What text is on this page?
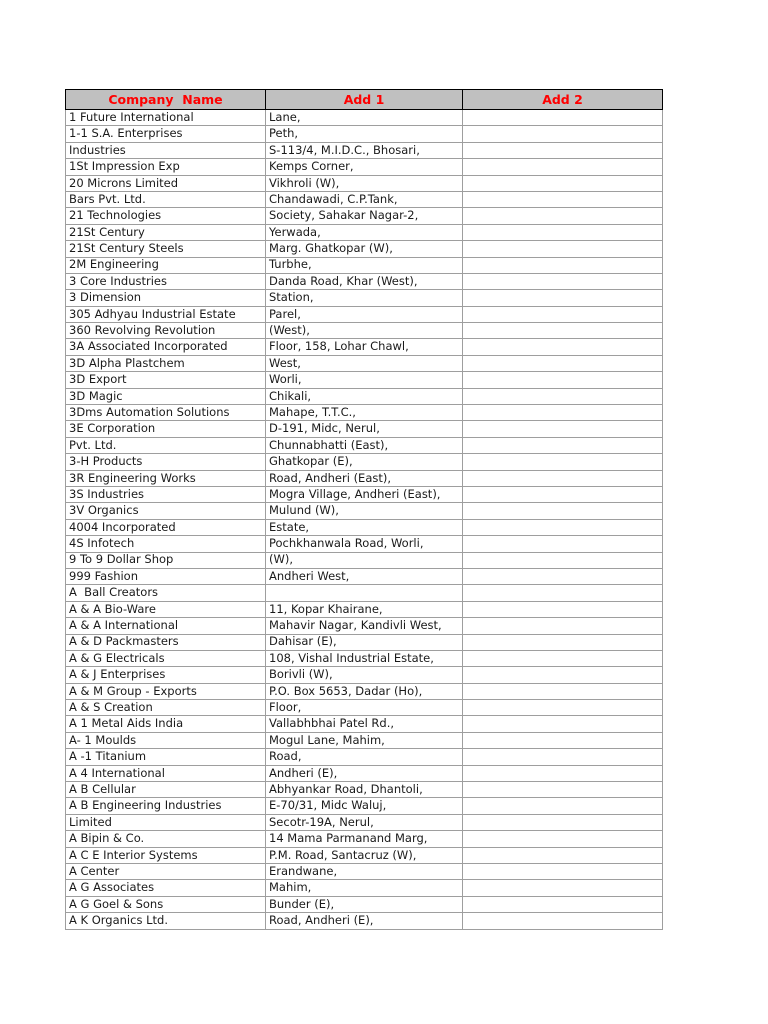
Company  Name	Add 1	Add 2
1 Future International	Lane,	
1-1 S.A. Enterprises	Peth,	
Industries	S-113/4, M.I.D.C., Bhosari,	
1St Impression Exp	Kemps Corner,	
20 Microns Limited	Vikhroli (W),	
Bars Pvt. Ltd.	Chandawadi, C.P.Tank,	
21 Technologies	Society, Sahakar Nagar-2,	
21St Century	Yerwada,	
21St Century Steels	Marg. Ghatkopar (W),	
2M Engineering	Turbhe,	
3 Core Industries	Danda Road, Khar (West),	
3 Dimension	Station,	
305 Adhyau Industrial Estate	Parel,	
360 Revolving Revolution	(West),	
3A Associated Incorporated	Floor, 158, Lohar Chawl,	
3D Alpha Plastchem	West,	
3D Export	Worli,	
3D Magic	Chikali,	
3Dms Automation Solutions	Mahape, T.T.C.,	
3E Corporation	D-191, Midc, Nerul,	
Pvt. Ltd.	Chunnabhatti (East),	
3-H Products	Ghatkopar (E),	
3R Engineering Works	Road, Andheri (East),	
3S Industries	Mogra Village, Andheri (East),	
3V Organics	Mulund (W),	
4004 Incorporated	Estate,	
4S Infotech	Pochkhanwala Road, Worli,	
9 To 9 Dollar Shop	(W),	
999 Fashion	Andheri West,	
A  Ball Creators		
A & A Bio-Ware	11, Kopar Khairane,	
A & A International	Mahavir Nagar, Kandivli West,	
A & D Packmasters	Dahisar (E),	
A & G Electricals	108, Vishal Industrial Estate,	
A & J Enterprises	Borivli (W),	
A & M Group - Exports	P.O. Box 5653, Dadar (Ho),	
A & S Creation	Floor,	
A 1 Metal Aids India	Vallabhbhai Patel Rd.,	
A- 1 Moulds	Mogul Lane, Mahim,	
A -1 Titanium	Road,	
A 4 International	Andheri (E),	
A B Cellular	Abhyankar Road, Dhantoli,	
A B Engineering Industries	E-70/31, Midc Waluj,	
Limited	Secotr-19A, Nerul,	
A Bipin & Co.	14 Mama Parmanand Marg,	
A C E Interior Systems	P.M. Road, Santacruz (W),	
A Center	Erandwane,	
A G Associates	Mahim,	
A G Goel & Sons	Bunder (E),	
A K Organics Ltd.	Road, Andheri (E),	
